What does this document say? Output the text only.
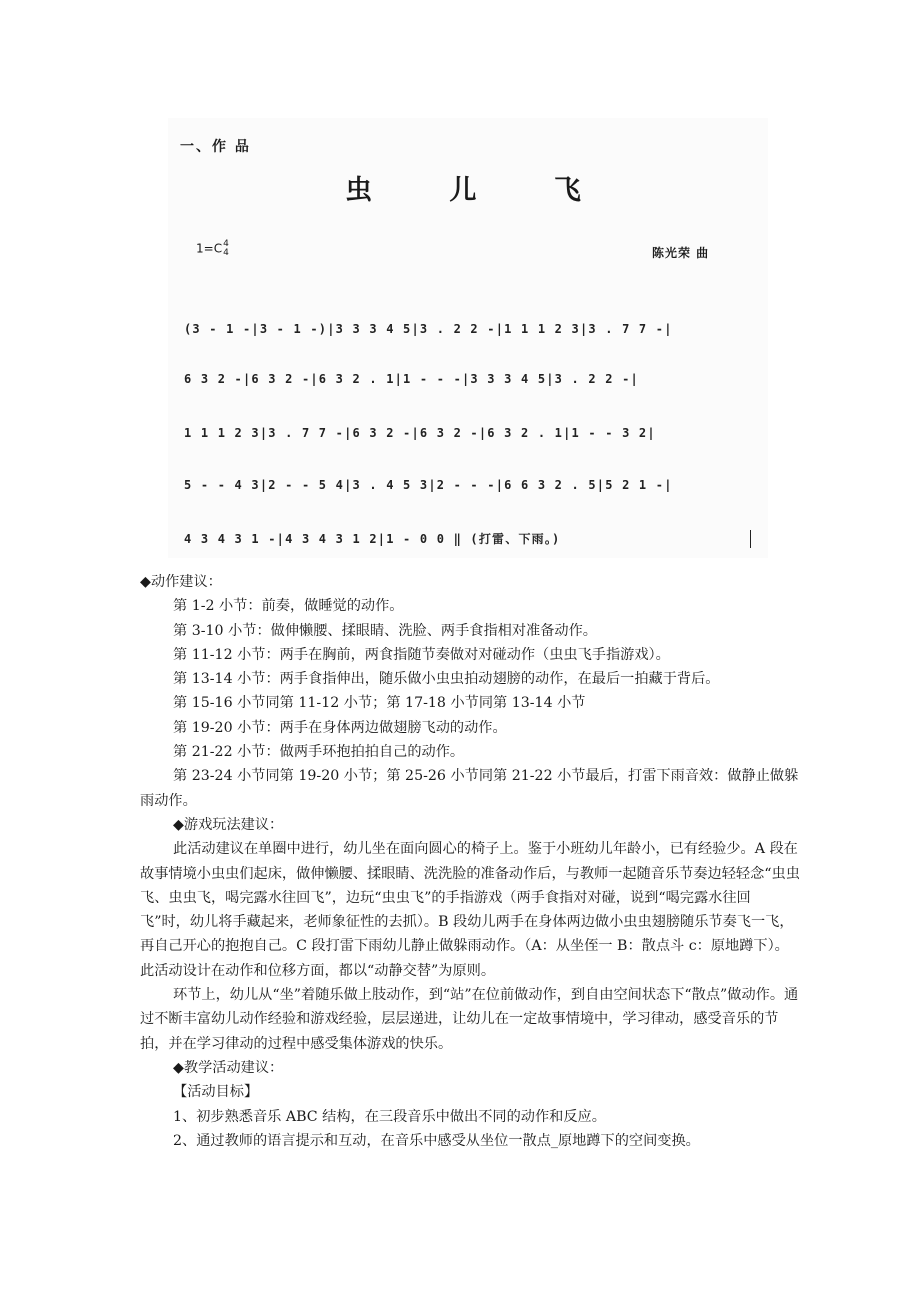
一、作 品
虫 儿 飞
1=C 4
4	陈光荣 曲
(3 - 1 -|3 - 1 -)|3 3 3 4 5|3 . 2 2 -|1 1 1 2 3|3 . 7 7 -|
6 3 2 -|6 3 2 -|6 3 2 . 1|1 - - -|3 3 3 4 5|3 . 2 2 -|
1 1 1 2 3|3 . 7 7 -|6 3 2 -|6 3 2 -|6 3 2 . 1|1 - - 3 2|
5 - - 4 3|2 - - 5 4|3 . 4 5 3|2 - - -|6 6 3 2 . 5|5 2 1 -|
4 3 4 3 1 -|4 3 4 3 1 2|1 - 0 0 ‖ (打雷、下雨。)

◆动作建议：

第 1-2 小节：前奏，做睡觉的动作。

第 3-10 小节：做伸懒腰、揉眼睛、洗脸、两手食指相对准备动作。

第 11-12 小节：两手在胸前，两食指随节奏做对对碰动作（虫虫飞手指游戏）。

第 13-14 小节：两手食指伸出，随乐做小虫虫拍动翅膀的动作，在最后一拍藏于背后。

第 15-16 小节同第 11-12 小节；第 17-18 小节同第 13-14 小节

第 19-20 小节：两手在身体两边做翅膀飞动的动作。

第 21-22 小节：做两手环抱拍拍自己的动作。

第 23-24 小节同第 19-20 小节；第 25-26 小节同第 21-22 小节最后，打雷下雨音效：做静止做躲雨动作。

◆游戏玩法建议：

此活动建议在单圈中进行，幼儿坐在面向圆心的椅子上。鉴于小班幼儿年龄小，已有经验少。A 段在故事情境小虫虫们起床，做伸懒腰、揉眼睛、洗洗脸的准备动作后，与教师一起随音乐节奏边轻轻念“虫虫飞、虫虫飞，喝完露水往回飞”，边玩“虫虫飞”的手指游戏（两手食指对对碰，说到“喝完露水往回飞”时，幼儿将手藏起来，老师象征性的去抓）。B 段幼儿两手在身体两边做小虫虫翅膀随乐节奏飞一飞，再自己开心的抱抱自己。C 段打雷下雨幼儿静止做躲雨动作。（A：从坐侄一 B：散点斗 c：原地蹲下）。此活动设计在动作和位移方面，都以“动静交替”为原则。

环节上，幼儿从“坐”着随乐做上肢动作，到“站”在位前做动作，到自由空间状态下“散点”做动作。通过不断丰富幼儿动作经验和游戏经验，层层递进，让幼儿在一定故事情境中，学习律动，感受音乐的节拍，并在学习律动的过程中感受集体游戏的快乐。

◆教学活动建议：

【活动目标】

1、初步熟悉音乐 ABC 结构，在三段音乐中做出不同的动作和反应。

2、通过教师的语言提示和互动，在音乐中感受从坐位一散点_原地蹲下的空间变换。
